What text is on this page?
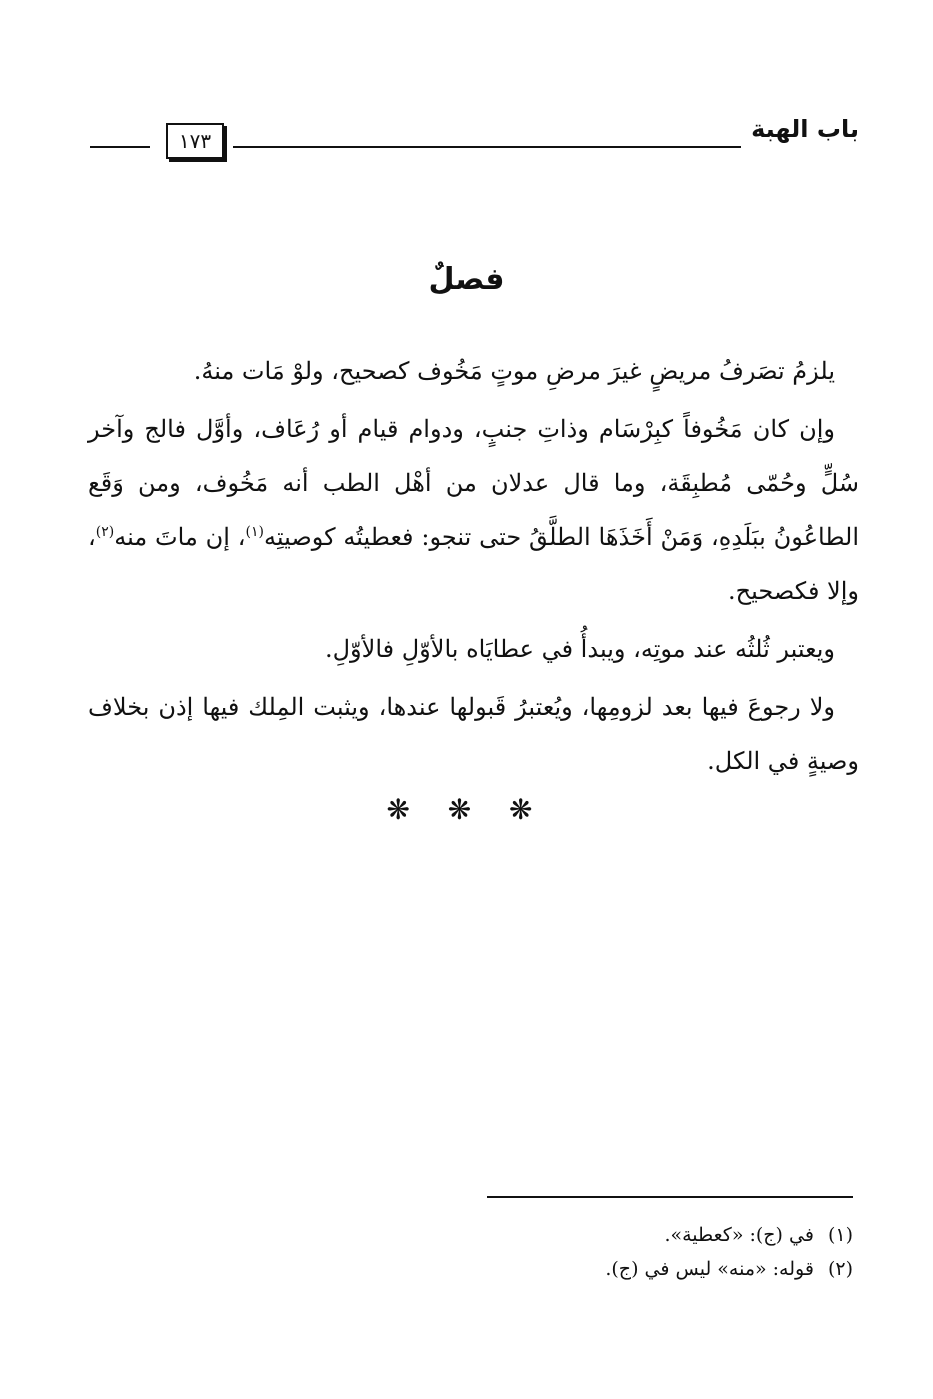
باب الهبة
١٧٣
فصلٌ

يلزمُ تصَرفُ مريضٍ غيرَ مرضِ موتٍ مَخُوف كصحيح، ولوْ مَات منهُ.

وإن كان مَخُوفاً كبِرْسَام وذاتِ جنبٍ، ودوام قيام أو رُعَاف، وأوَّل فالج وآخر سُلٍّ وحُمّى مُطبِقَة، وما قال عدلان من أهْل الطب أنه مَخُوف، ومن وَقَع الطاعُونُ ببَلَدِهِ، وَمَنْ أَخَذَهَا الطلَّقُ حتى تنجو: فعطيتُه كوصيتِه$^{(١)}$، إن ماتَ منه$^{(٢)}$، وإلا فكصحيح.

ويعتبر ثُلثُه عند موتِه، ويبدأُ في عطايَاه بالأوّلِ فالأوّلِ.

ولا رجوعَ فيها بعد لزومِها، ويُعتبرُ قَبولها عندها، ويثبت المِلك فيها إذن بخلاف وصيةٍ في الكل.

❋ ❋ ❋

(١)في (ج): «كعطية».

(٢)قوله: «منه» ليس في (ج).
